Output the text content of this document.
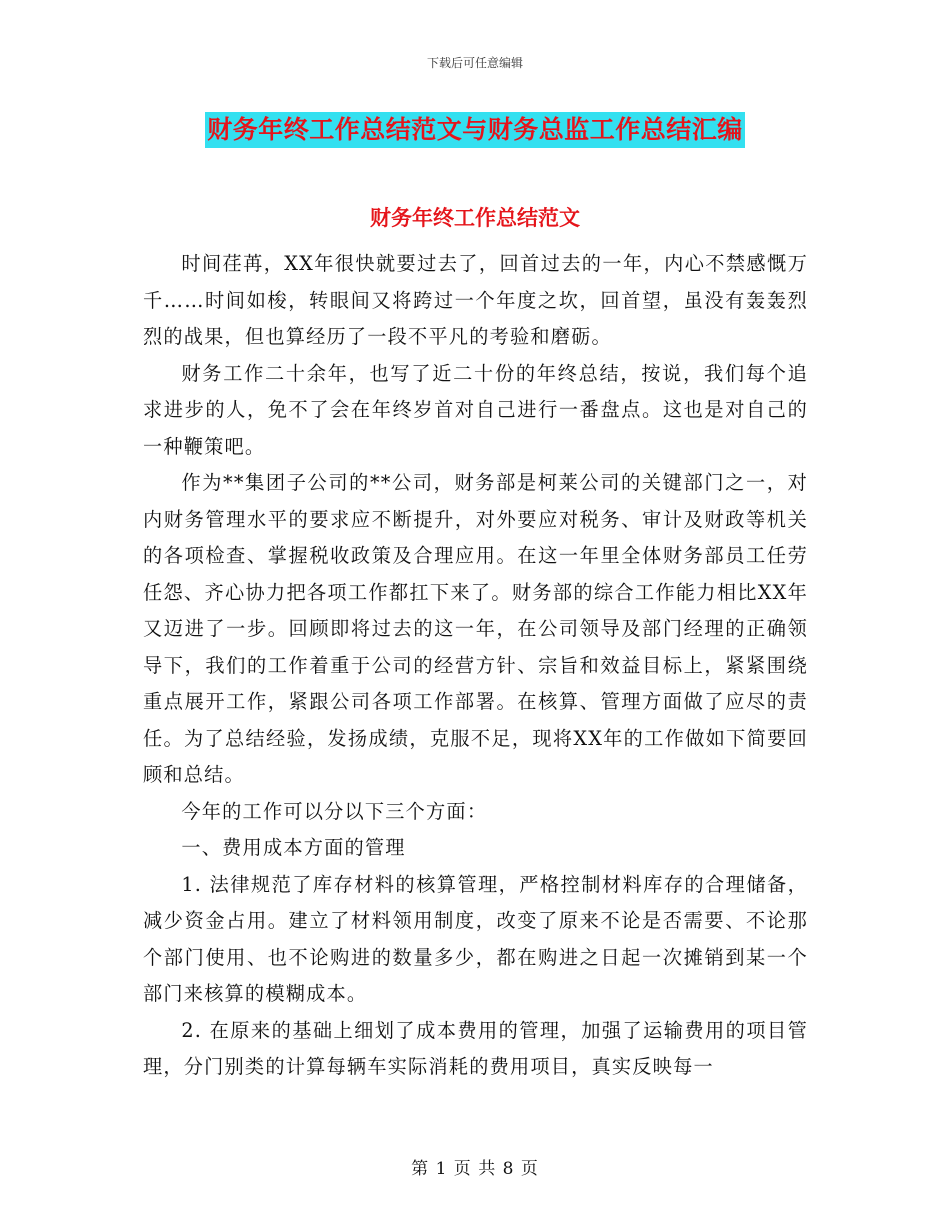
下载后可任意编辑
财务年终工作总结范文与财务总监工作总结汇编
财务年终工作总结范文

时间荏苒，XX年很快就要过去了，回首过去的一年，内心不禁感慨万千……时间如梭，转眼间又将跨过一个年度之坎，回首望，虽没有轰轰烈烈的战果，但也算经历了一段不平凡的考验和磨砺。

财务工作二十余年，也写了近二十份的年终总结，按说，我们每个追求进步的人，免不了会在年终岁首对自己进行一番盘点。这也是对自己的一种鞭策吧。

作为**集团子公司的**公司，财务部是柯莱公司的关键部门之一，对内财务管理水平的要求应不断提升，对外要应对税务、审计及财政等机关的各项检查、掌握税收政策及合理应用。在这一年里全体财务部员工任劳任怨、齐心协力把各项工作都扛下来了。财务部的综合工作能力相比XX年又迈进了一步。回顾即将过去的这一年，在公司领导及部门经理的正确领导下，我们的工作着重于公司的经营方针、宗旨和效益目标上，紧紧围绕重点展开工作，紧跟公司各项工作部署。在核算、管理方面做了应尽的责任。为了总结经验，发扬成绩，克服不足，现将XX年的工作做如下简要回顾和总结。

今年的工作可以分以下三个方面：

一、费用成本方面的管理

1. 法律规范了库存材料的核算管理，严格控制材料库存的合理储备，减少资金占用。建立了材料领用制度，改变了原来不论是否需要、不论那个部门使用、也不论购进的数量多少，都在购进之日起一次摊销到某一个部门来核算的模糊成本。

2. 在原来的基础上细划了成本费用的管理，加强了运输费用的项目管理，分门别类的计算每辆车实际消耗的费用项目，真实反映每一

第 1 页 共 8 页
